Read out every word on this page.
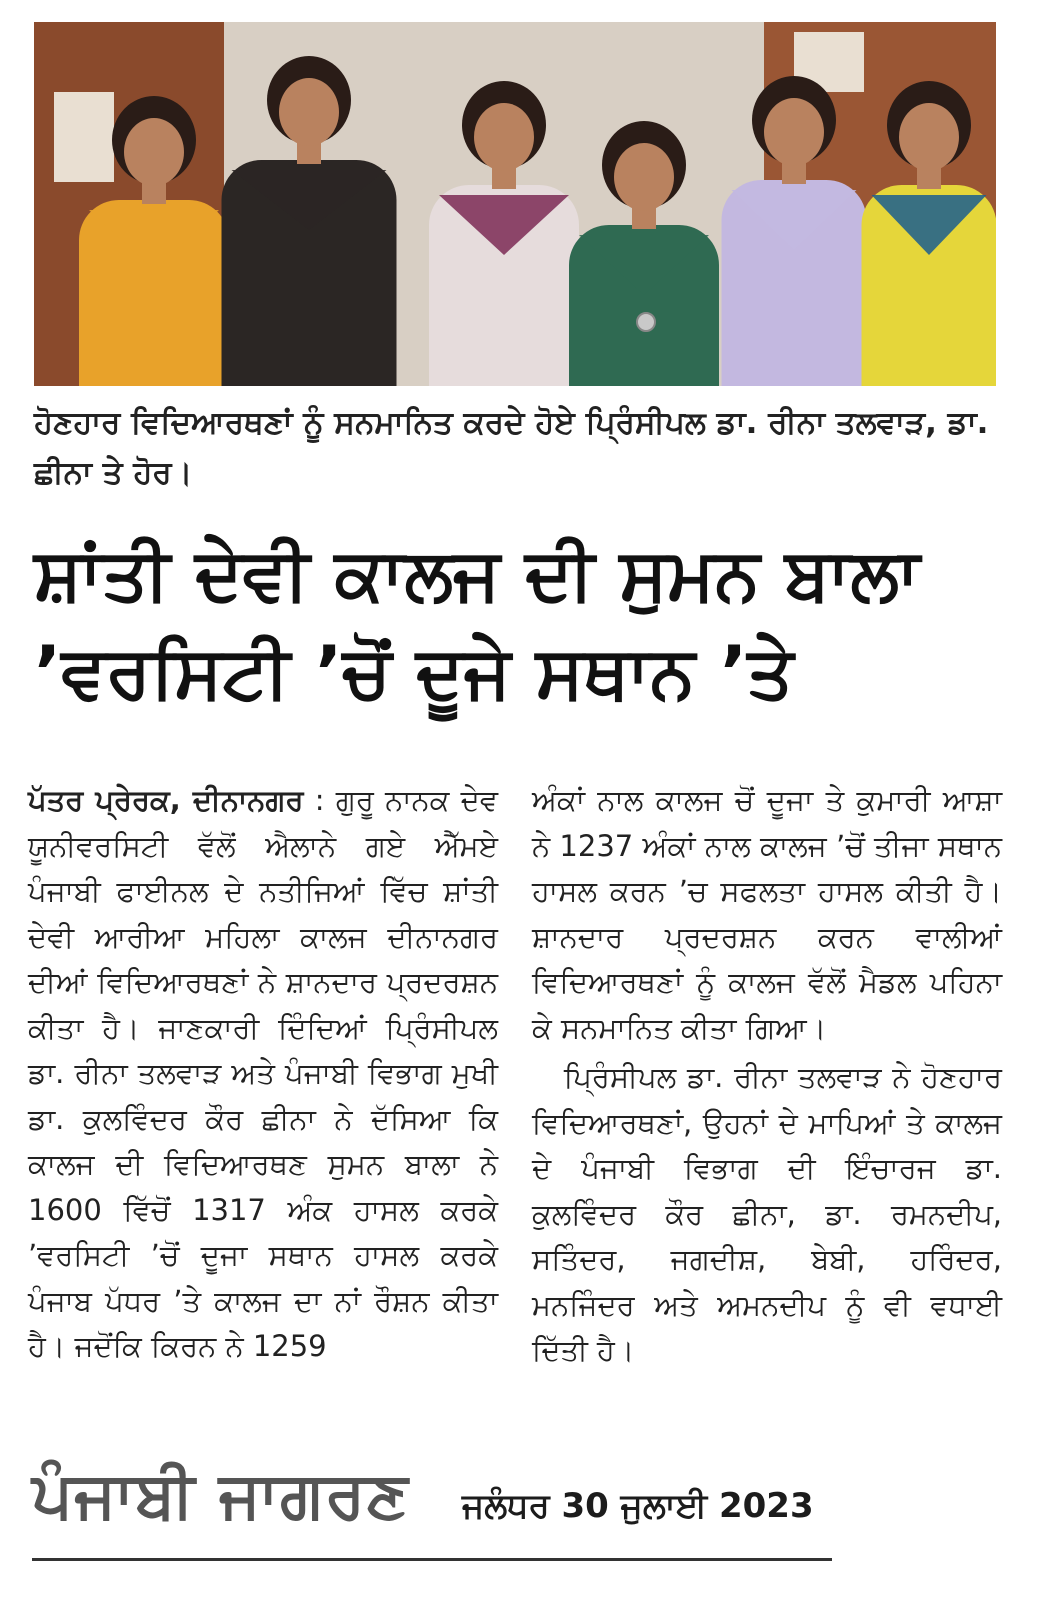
ਹੋਣਹਾਰ ਵਿਦਿਆਰਥਣਾਂ ਨੂੰ ਸਨਮਾਨਿਤ ਕਰਦੇ ਹੋਏ ਪ੍ਰਿੰਸੀਪਲ ਡਾ. ਰੀਨਾ ਤਲਵਾੜ, ਡਾ. ਛੀਨਾ ਤੇ ਹੋਰ।
ਸ਼ਾਂਤੀ ਦੇਵੀ ਕਾਲਜ ਦੀ ਸੁਮਨ ਬਾਲਾ ’ਵਰਸਿਟੀ ’ਚੋਂ ਦੂਜੇ ਸਥਾਨ ’ਤੇ

ਪੱਤਰ ਪ੍ਰੇਰਕ, ਦੀਨਾਨਗਰ : ਗੁਰੂ ਨਾਨਕ ਦੇਵ ਯੂਨੀਵਰਸਿਟੀ ਵੱਲੋਂ ਐਲਾਨੇ ਗਏ ਐੱਮਏ ਪੰਜਾਬੀ ਫਾਈਨਲ ਦੇ ਨਤੀਜਿਆਂ ਵਿੱਚ ਸ਼ਾਂਤੀ ਦੇਵੀ ਆਰੀਆ ਮਹਿਲਾ ਕਾਲਜ ਦੀਨਾਨਗਰ ਦੀਆਂ ਵਿਦਿਆਰਥਣਾਂ ਨੇ ਸ਼ਾਨਦਾਰ ਪ੍ਰਦਰਸ਼ਨ ਕੀਤਾ ਹੈ। ਜਾਣਕਾਰੀ ਦਿੰਦਿਆਂ ਪ੍ਰਿੰਸੀਪਲ ਡਾ. ਰੀਨਾ ਤਲਵਾੜ ਅਤੇ ਪੰਜਾਬੀ ਵਿਭਾਗ ਮੁਖੀ ਡਾ. ਕੁਲਵਿੰਦਰ ਕੌਰ ਛੀਨਾ ਨੇ ਦੱਸਿਆ ਕਿ ਕਾਲਜ ਦੀ ਵਿਦਿਆਰਥਣ ਸੁਮਨ ਬਾਲਾ ਨੇ 1600 ਵਿੱਚੋਂ 1317 ਅੰਕ ਹਾਸਲ ਕਰਕੇ ’ਵਰਸਿਟੀ ’ਚੋਂ ਦੂਜਾ ਸਥਾਨ ਹਾਸਲ ਕਰਕੇ ਪੰਜਾਬ ਪੱਧਰ ’ਤੇ ਕਾਲਜ ਦਾ ਨਾਂ ਰੌਸ਼ਨ ਕੀਤਾ ਹੈ। ਜਦੋਂਕਿ ਕਿਰਨ ਨੇ 1259

ਅੰਕਾਂ ਨਾਲ ਕਾਲਜ ਚੋਂ ਦੂਜਾ ਤੇ ਕੁਮਾਰੀ ਆਸ਼ਾ ਨੇ 1237 ਅੰਕਾਂ ਨਾਲ ਕਾਲਜ ’ਚੋਂ ਤੀਜਾ ਸਥਾਨ ਹਾਸਲ ਕਰਨ ’ਚ ਸਫਲਤਾ ਹਾਸਲ ਕੀਤੀ ਹੈ। ਸ਼ਾਨਦਾਰ ਪ੍ਰਦਰਸ਼ਨ ਕਰਨ ਵਾਲੀਆਂ ਵਿਦਿਆਰਥਣਾਂ ਨੂੰ ਕਾਲਜ ਵੱਲੋਂ ਮੈਡਲ ਪਹਿਨਾ ਕੇ ਸਨਮਾਨਿਤ ਕੀਤਾ ਗਿਆ।

ਪ੍ਰਿੰਸੀਪਲ ਡਾ. ਰੀਨਾ ਤਲਵਾੜ ਨੇ ਹੋਣਹਾਰ ਵਿਦਿਆਰਥਣਾਂ, ਉਹਨਾਂ ਦੇ ਮਾਪਿਆਂ ਤੇ ਕਾਲਜ ਦੇ ਪੰਜਾਬੀ ਵਿਭਾਗ ਦੀ ਇੰਚਾਰਜ ਡਾ. ਕੁਲਵਿੰਦਰ ਕੌਰ ਛੀਨਾ, ਡਾ. ਰਮਨਦੀਪ, ਸਤਿੰਦਰ, ਜਗਦੀਸ਼, ਬੇਬੀ, ਹਰਿੰਦਰ, ਮਨਜਿੰਦਰ ਅਤੇ ਅਮਨਦੀਪ ਨੂੰ ਵੀ ਵਧਾਈ ਦਿੱਤੀ ਹੈ।

ਪੰਜਾਬੀ ਜਾਗਰਣ ਜਲੰਧਰ 30 ਜੁਲਾਈ 2023
